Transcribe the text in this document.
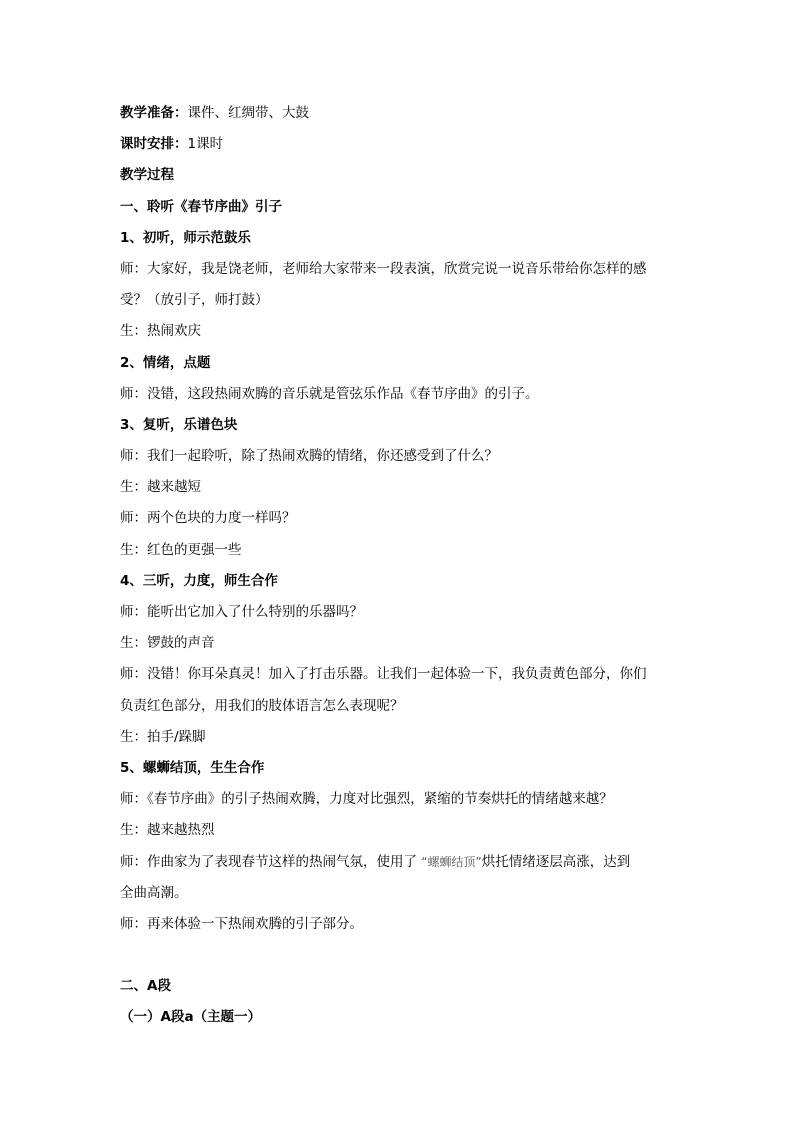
教学准备：课件、红绸带、大鼓
课时安排：1课时
教学过程
一、聆听《春节序曲》引子
1、初听，师示范鼓乐
师：大家好，我是饶老师，老师给大家带来一段表演，欣赏完说一说音乐带给你怎样的感
受？（放引子，师打鼓）
生：热闹欢庆
2、情绪，点题
师：没错，这段热闹欢腾的音乐就是管弦乐作品《春节序曲》的引子。
3、复听，乐谱色块
师：我们一起聆听，除了热闹欢腾的情绪，你还感受到了什么？
生：越来越短
师：两个色块的力度一样吗？
生：红色的更强一些
4、三听，力度，师生合作
师：能听出它加入了什么特别的乐器吗？
生：锣鼓的声音
师：没错！你耳朵真灵！加入了打击乐器。让我们一起体验一下，我负责黄色部分，你们
负责红色部分，用我们的肢体语言怎么表现呢？
生：拍手/跺脚
5、螺蛳结顶，生生合作
师：《春节序曲》的引子热闹欢腾，力度对比强烈，紧缩的节奏烘托的情绪越来越？
生：越来越热烈
师：作曲家为了表现春节这样的热闹气氛，使用了 “螺蛳结顶”烘托情绪逐层高涨，达到
全曲高潮。
师：再来体验一下热闹欢腾的引子部分。
二、A段
（一）A段a（主题一）
